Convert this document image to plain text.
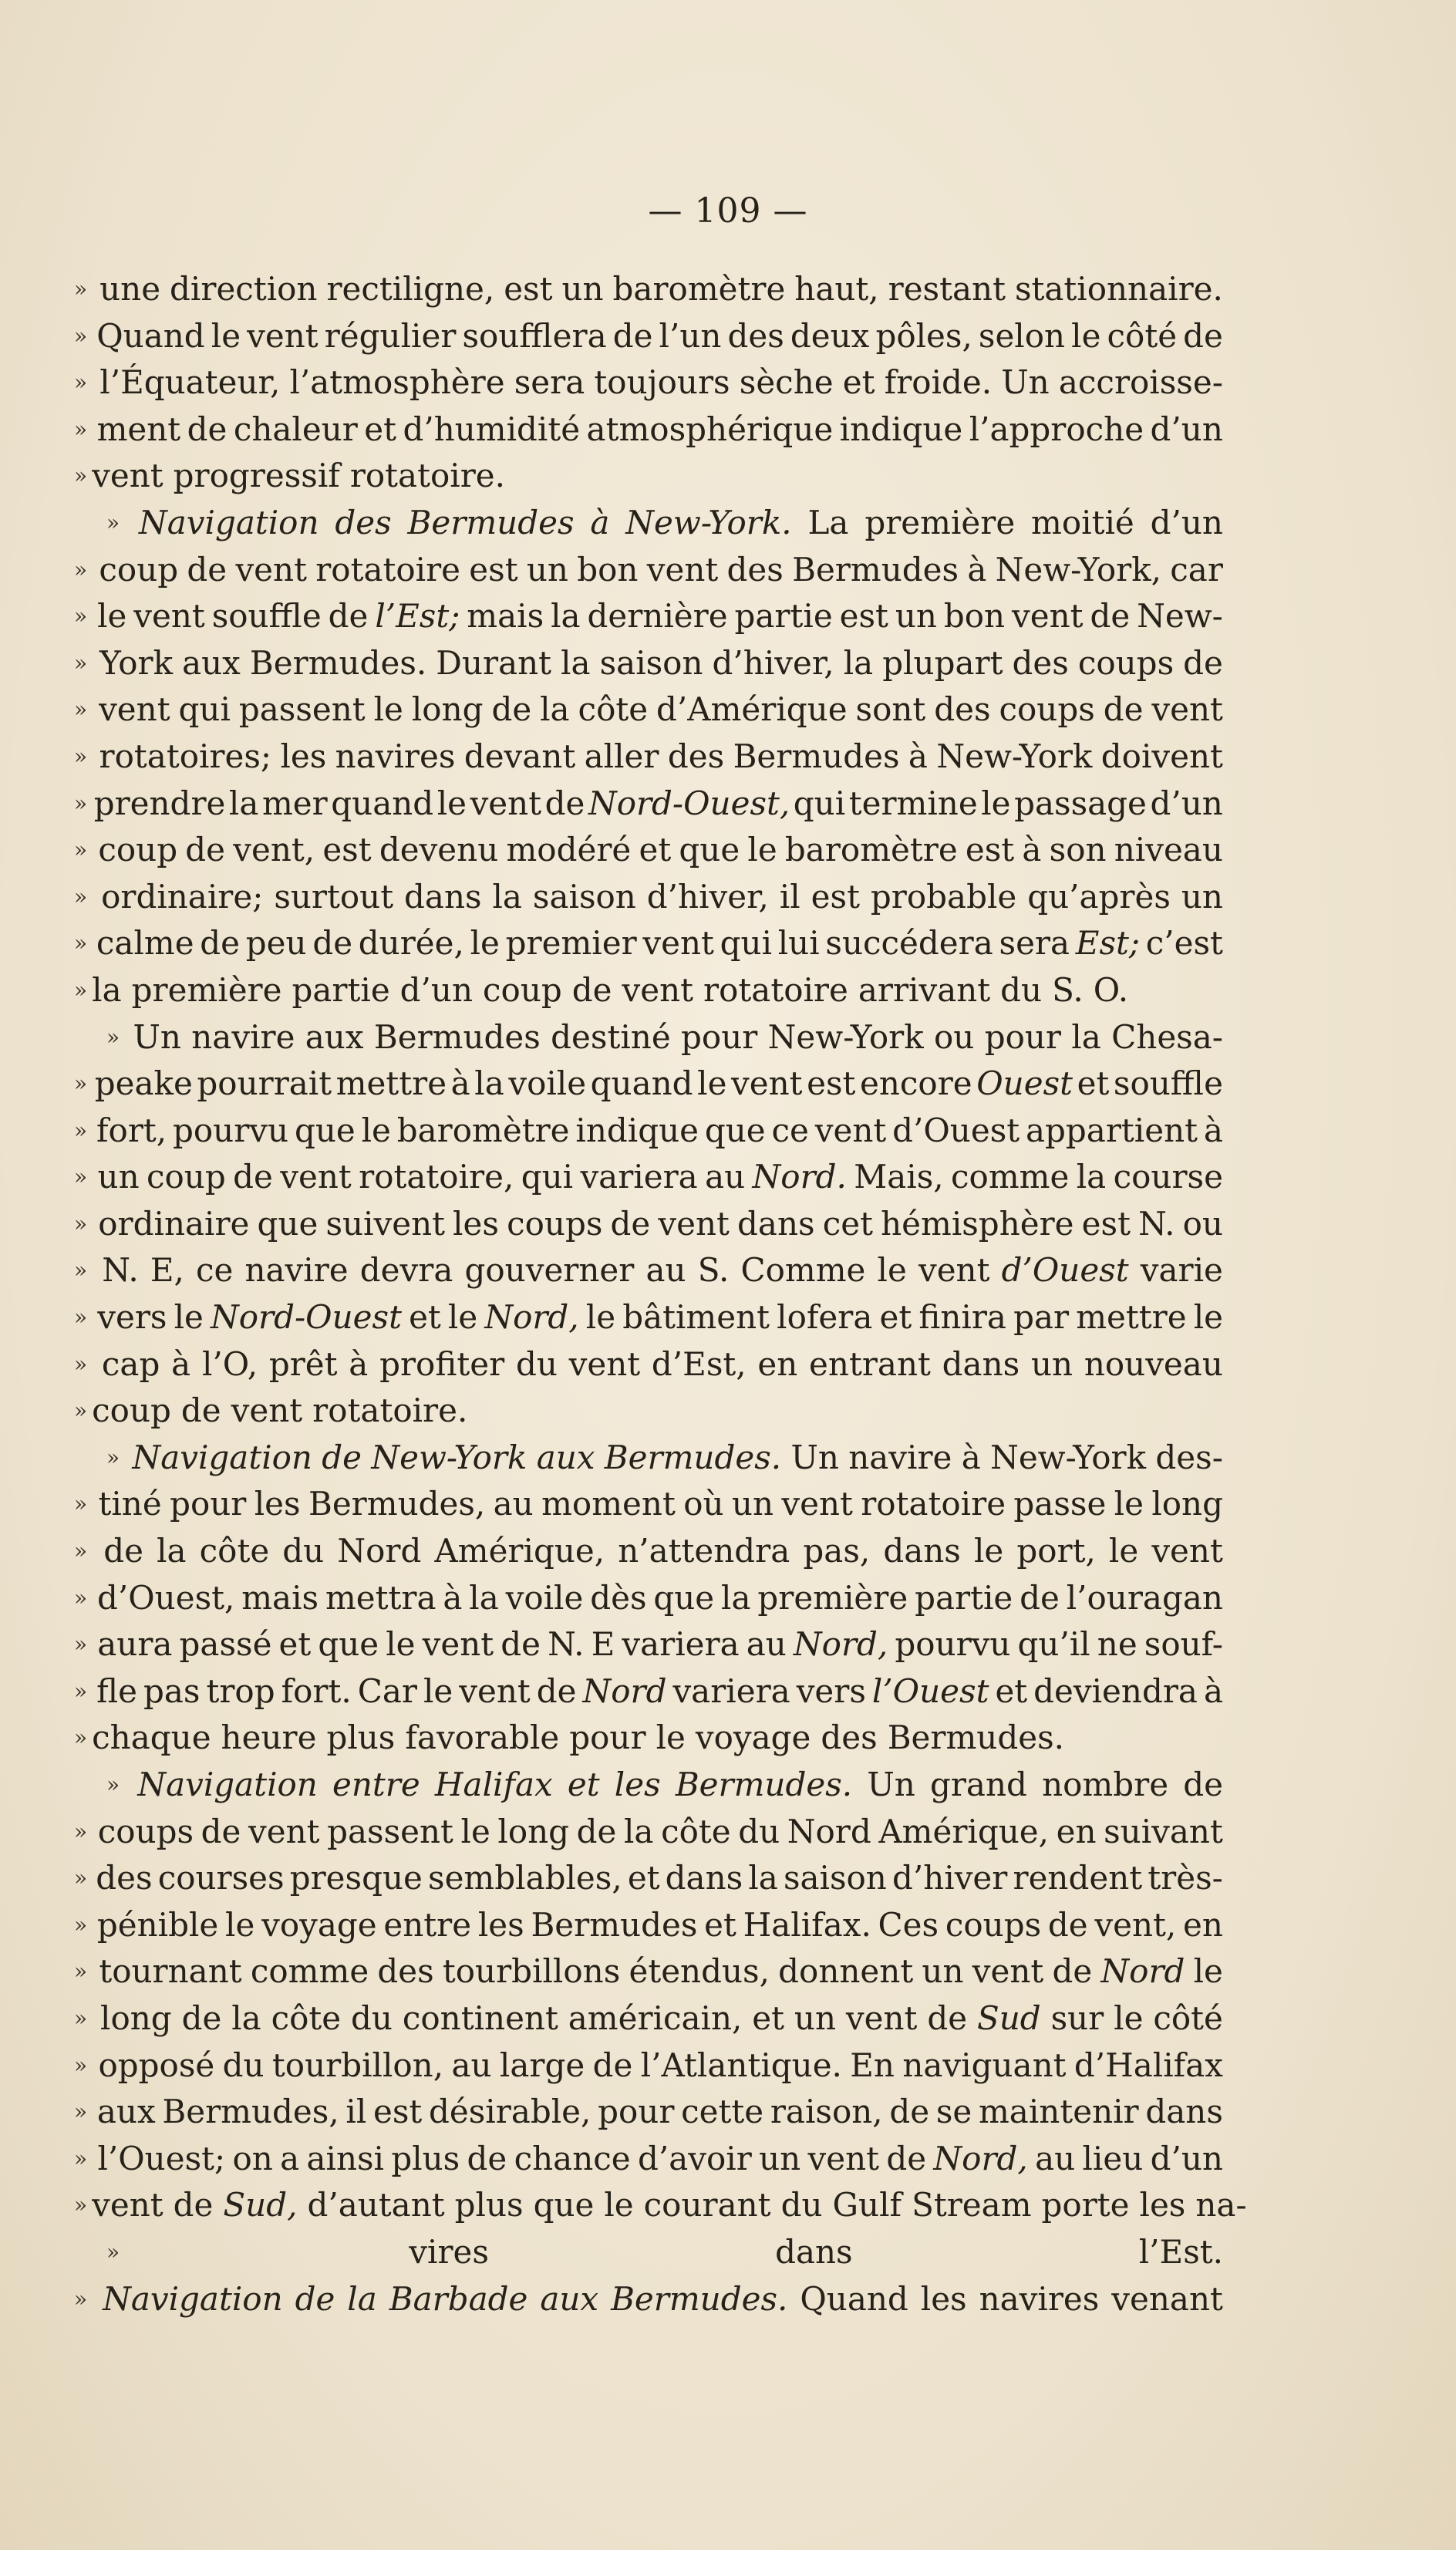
— 109 —
» une direction rectiligne, est un baromètre haut, restant stationnaire.
» Quand le vent régulier soufflera de l’un des deux pôles, selon le côté de
» l’Équateur, l’atmosphère sera toujours sèche et froide. Un accroisse-
» ment de chaleur et d’humidité atmosphérique indique l’approche d’un
» vent progressif rotatoire.
» Navigation des Bermudes à New-York. La première moitié d’un
» coup de vent rotatoire est un bon vent des Bermudes à New-York, car
» le vent souffle de l’Est; mais la dernière partie est un bon vent de New-
» York aux Bermudes. Durant la saison d’hiver, la plupart des coups de
» vent qui passent le long de la côte d’Amérique sont des coups de vent
» rotatoires; les navires devant aller des Bermudes à New-York doivent
» prendre la mer quand le vent de Nord-Ouest, qui termine le passage d’un
» coup de vent, est devenu modéré et que le baromètre est à son niveau
» ordinaire; surtout dans la saison d’hiver, il est probable qu’après un
» calme de peu de durée, le premier vent qui lui succédera sera Est; c’est
» la première partie d’un coup de vent rotatoire arrivant du S. O.
» Un navire aux Bermudes destiné pour New-York ou pour la Chesa-
» peake pourrait mettre à la voile quand le vent est encore Ouest et souffle
» fort, pourvu que le baromètre indique que ce vent d’Ouest appartient à
» un coup de vent rotatoire, qui variera au Nord. Mais, comme la course
» ordinaire que suivent les coups de vent dans cet hémisphère est N. ou
» N. E, ce navire devra gouverner au S. Comme le vent d’Ouest varie
» vers le Nord-Ouest et le Nord, le bâtiment lofera et finira par mettre le
» cap à l’O, prêt à profiter du vent d’Est, en entrant dans un nouveau
» coup de vent rotatoire.
» Navigation de New-York aux Bermudes. Un navire à New-York des-
» tiné pour les Bermudes, au moment où un vent rotatoire passe le long
» de la côte du Nord Amérique, n’attendra pas, dans le port, le vent
» d’Ouest, mais mettra à la voile dès que la première partie de l’ouragan
» aura passé et que le vent de N. E variera au Nord, pourvu qu’il ne souf-
» fle pas trop fort. Car le vent de Nord variera vers l’Ouest et deviendra à
» chaque heure plus favorable pour le voyage des Bermudes.
» Navigation entre Halifax et les Bermudes. Un grand nombre de
» coups de vent passent le long de la côte du Nord Amérique, en suivant
» des courses presque semblables, et dans la saison d’hiver rendent très-
» pénible le voyage entre les Bermudes et Halifax. Ces coups de vent, en
» tournant comme des tourbillons étendus, donnent un vent de Nord le
» long de la côte du continent américain, et un vent de Sud sur le côté
» opposé du tourbillon, au large de l’Atlantique. En naviguant d’Halifax
» aux Bermudes, il est désirable, pour cette raison, de se maintenir dans
» l’Ouest; on a ainsi plus de chance d’avoir un vent de Nord, au lieu d’un
» vent de Sud, d’autant plus que le courant du Gulf Stream porte les na-
»	vires	dans	l’Est.
» Navigation de la Barbade aux Bermudes. Quand les navires venant
